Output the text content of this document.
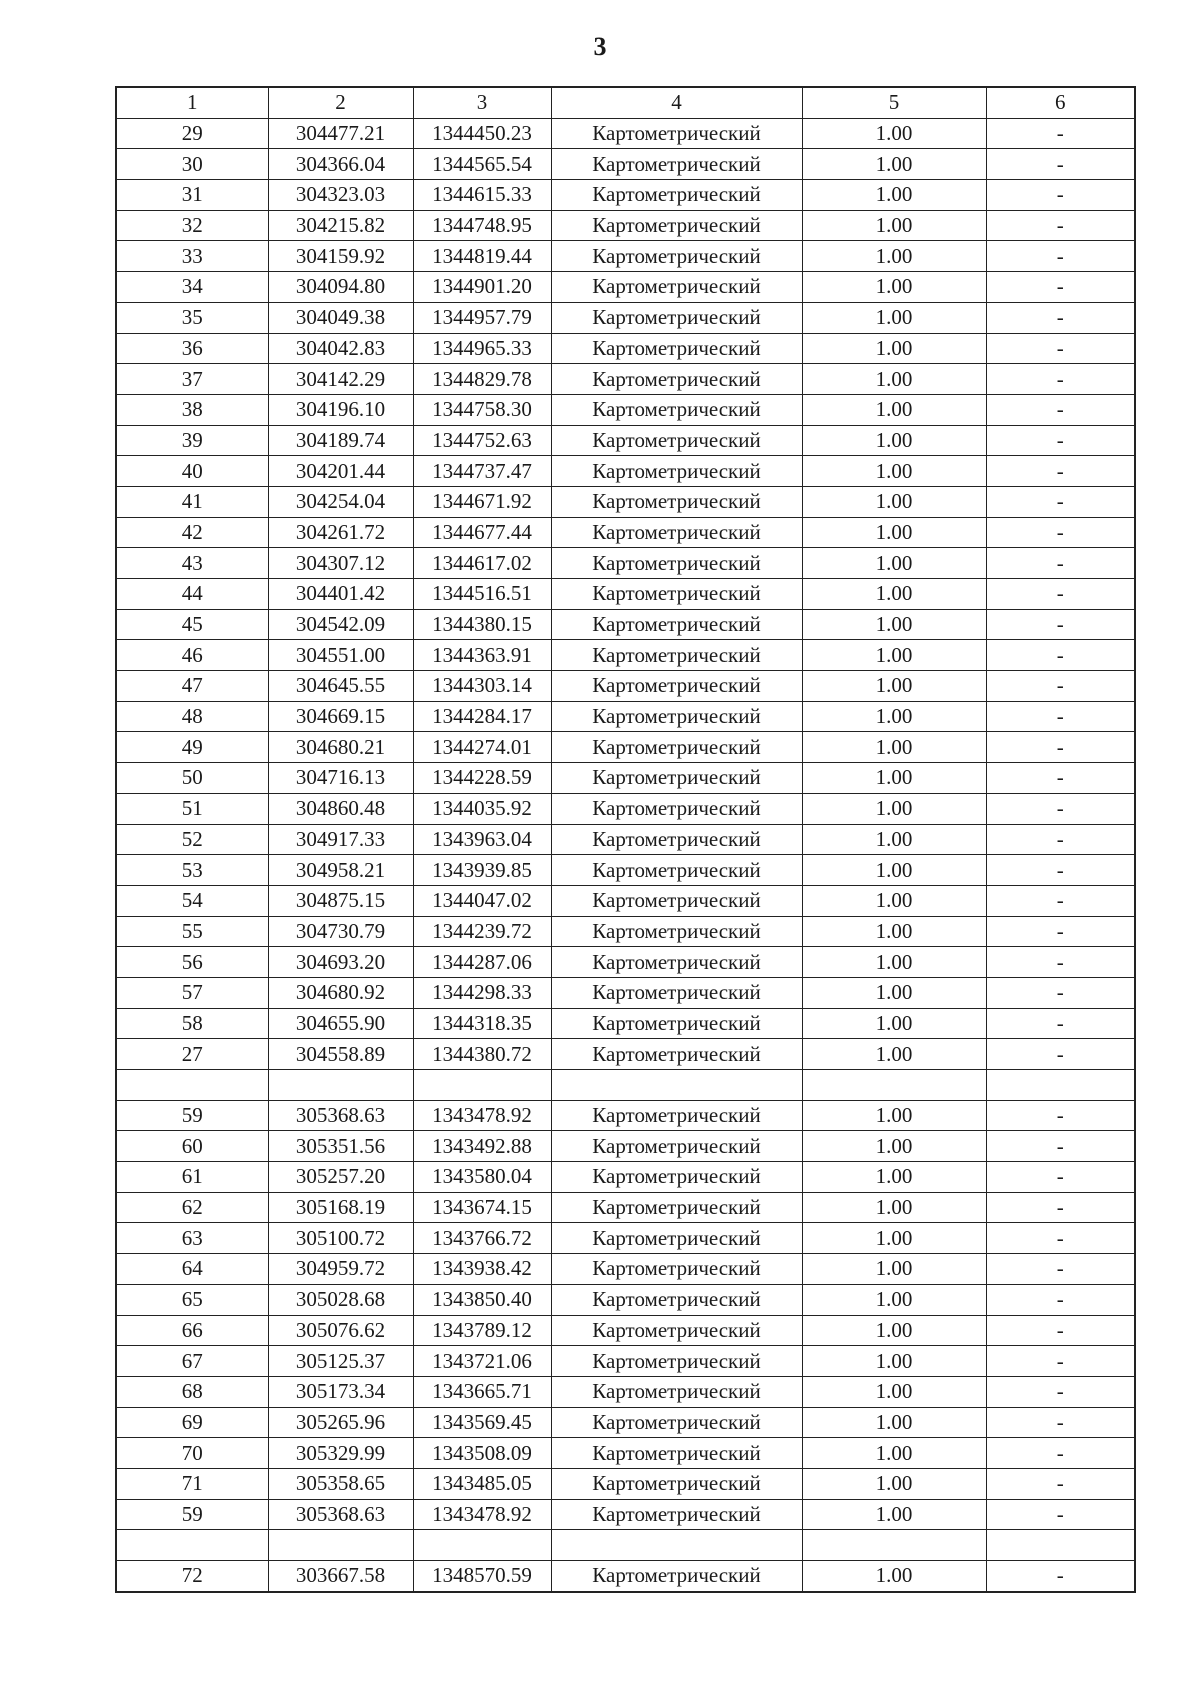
3
1	2	3	4	5	6
29	304477.21	1344450.23	Картометрический	1.00	-
30	304366.04	1344565.54	Картометрический	1.00	-
31	304323.03	1344615.33	Картометрический	1.00	-
32	304215.82	1344748.95	Картометрический	1.00	-
33	304159.92	1344819.44	Картометрический	1.00	-
34	304094.80	1344901.20	Картометрический	1.00	-
35	304049.38	1344957.79	Картометрический	1.00	-
36	304042.83	1344965.33	Картометрический	1.00	-
37	304142.29	1344829.78	Картометрический	1.00	-
38	304196.10	1344758.30	Картометрический	1.00	-
39	304189.74	1344752.63	Картометрический	1.00	-
40	304201.44	1344737.47	Картометрический	1.00	-
41	304254.04	1344671.92	Картометрический	1.00	-
42	304261.72	1344677.44	Картометрический	1.00	-
43	304307.12	1344617.02	Картометрический	1.00	-
44	304401.42	1344516.51	Картометрический	1.00	-
45	304542.09	1344380.15	Картометрический	1.00	-
46	304551.00	1344363.91	Картометрический	1.00	-
47	304645.55	1344303.14	Картометрический	1.00	-
48	304669.15	1344284.17	Картометрический	1.00	-
49	304680.21	1344274.01	Картометрический	1.00	-
50	304716.13	1344228.59	Картометрический	1.00	-
51	304860.48	1344035.92	Картометрический	1.00	-
52	304917.33	1343963.04	Картометрический	1.00	-
53	304958.21	1343939.85	Картометрический	1.00	-
54	304875.15	1344047.02	Картометрический	1.00	-
55	304730.79	1344239.72	Картометрический	1.00	-
56	304693.20	1344287.06	Картометрический	1.00	-
57	304680.92	1344298.33	Картометрический	1.00	-
58	304655.90	1344318.35	Картометрический	1.00	-
27	304558.89	1344380.72	Картометрический	1.00	-

59	305368.63	1343478.92	Картометрический	1.00	-
60	305351.56	1343492.88	Картометрический	1.00	-
61	305257.20	1343580.04	Картометрический	1.00	-
62	305168.19	1343674.15	Картометрический	1.00	-
63	305100.72	1343766.72	Картометрический	1.00	-
64	304959.72	1343938.42	Картометрический	1.00	-
65	305028.68	1343850.40	Картометрический	1.00	-
66	305076.62	1343789.12	Картометрический	1.00	-
67	305125.37	1343721.06	Картометрический	1.00	-
68	305173.34	1343665.71	Картометрический	1.00	-
69	305265.96	1343569.45	Картометрический	1.00	-
70	305329.99	1343508.09	Картометрический	1.00	-
71	305358.65	1343485.05	Картометрический	1.00	-
59	305368.63	1343478.92	Картометрический	1.00	-

72	303667.58	1348570.59	Картометрический	1.00	-
